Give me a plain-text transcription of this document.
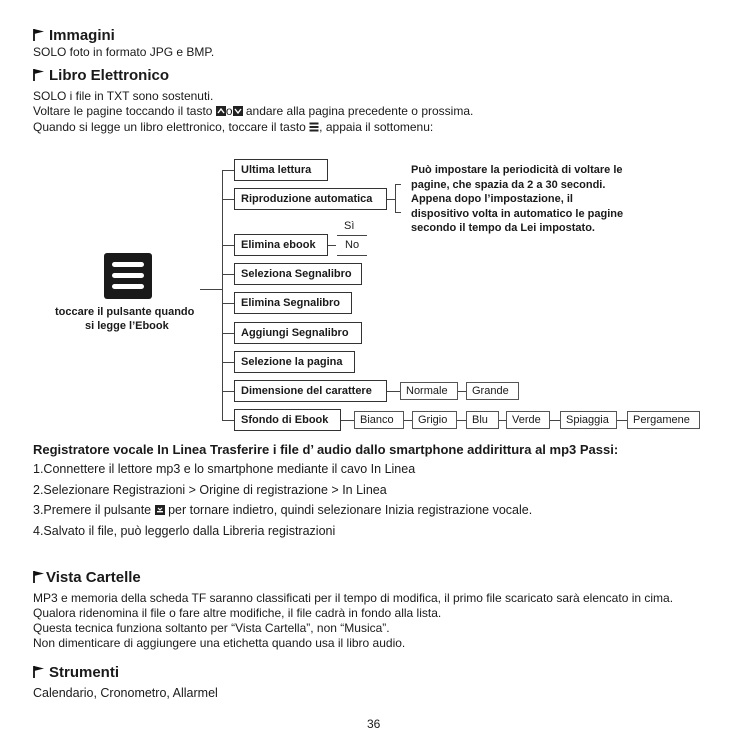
Immagini
SOLO foto in formato JPG e BMP.
Libro Elettronico
SOLO i file in TXT sono sostenuti.
Voltare le pagine toccando il tasto o andare alla pagina precedente o prossima.
Quando si legge un libro elettronico, toccare il tasto , appaia il sottomenu:
toccare il pulsante quando
si legge l’Ebook
Ultima lettura
Riproduzione automatica
Elimina ebook
Seleziona Segnalibro
Elimina Segnalibro
Aggiungi Segnalibro
Selezione la pagina
Dimensione del carattere
Sfondo di Ebook
Sì
No
Può impostare la periodicità di voltare le
pagine, che spazia da 2 a 30 secondi.
Appena dopo l’impostazione, il
dispositivo volta in automatico le pagine
secondo il tempo da Lei impostato.
Normale	Grande
Bianco	Grigio	Blu	Verde	Spiaggia	Pergamene
Registratore vocale In Linea Trasferire i file d’ audio dallo smartphone addirittura al mp3 Passi:
1.Connettere il lettore mp3 e lo smartphone mediante il cavo In Linea
2.Selezionare Registrazioni > Origine di registrazione > In Linea
3.Premere il pulsante per tornare indietro, quindi selezionare Inizia registrazione vocale.
4.Salvato il file, può leggerlo dalla Libreria registrazioni
Vista Cartelle
MP3 e memoria della scheda TF saranno classificati per il tempo di modifica, il primo file scaricato sarà elencato in cima.
Qualora ridenomina il file o fare altre modifiche, il file cadrà in fondo alla lista.
Questa tecnica funziona soltanto per “Vista Cartella”, non “Musica”.
Non dimenticare di aggiungere una etichetta quando usa il libro audio.
Strumenti
Calendario, Cronometro, Allarmel
36
